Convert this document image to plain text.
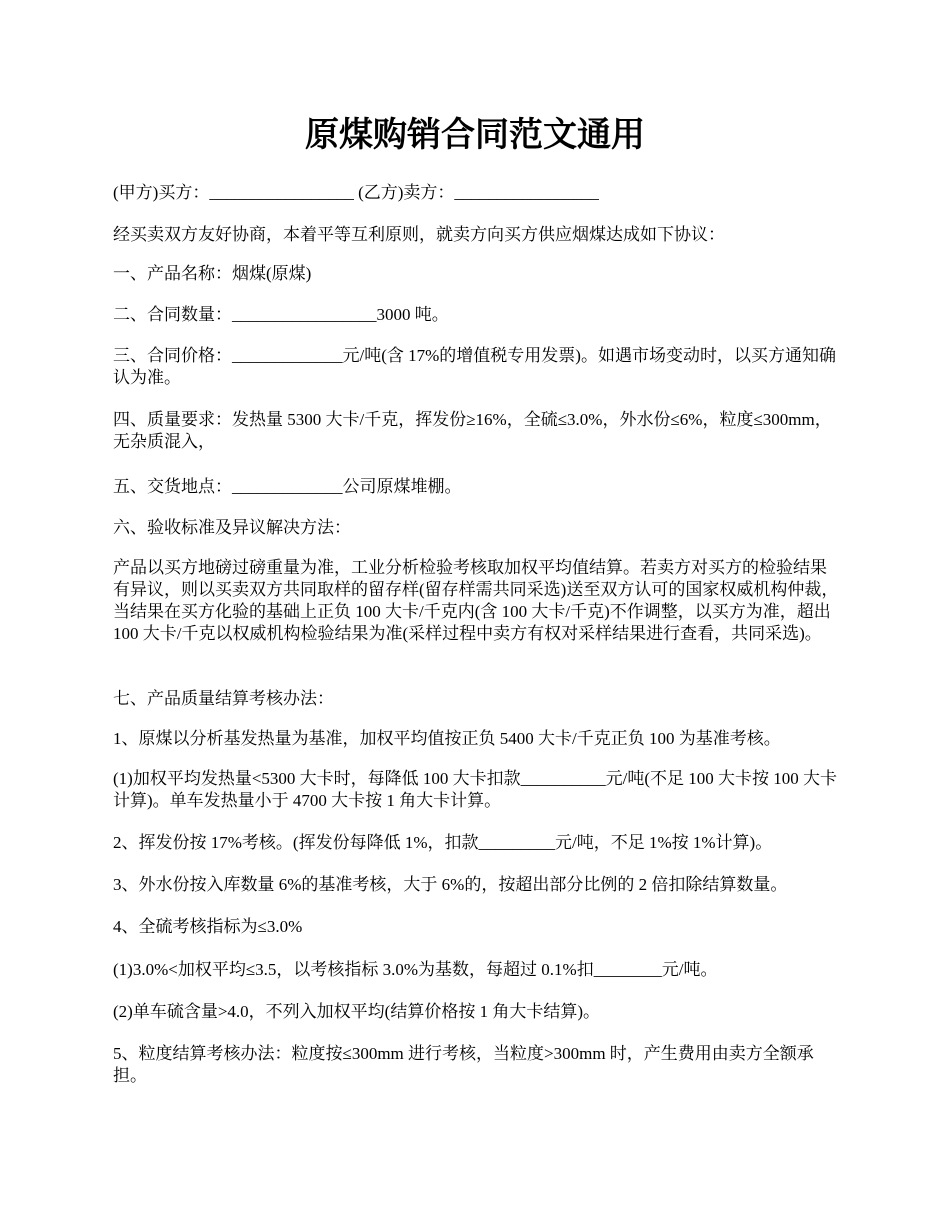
原煤购销合同范文通用

(甲方)买方：_________________ (乙方)卖方：_________________

经买卖双方友好协商，本着平等互利原则，就卖方向买方供应烟煤达成如下协议：

一、产品名称：烟煤(原煤)

二、合同数量：_________________3000 吨。

三、合同价格：_____________元/吨(含 17%的增值税专用发票)。如遇市场变动时，以买方通知确认为准。

四、质量要求：发热量 5300 大卡/千克，挥发份≥16%，全硫≤3.0%，外水份≤6%，粒度≤300mm，无杂质混入，

五、交货地点：_____________公司原煤堆棚。

六、验收标准及异议解决方法：

产品以买方地磅过磅重量为准，工业分析检验考核取加权平均值结算。若卖方对买方的检验结果有异议，则以买卖双方共同取样的留存样(留存样需共同采选)送至双方认可的国家权威机构仲裁，当结果在买方化验的基础上正负 100 大卡/千克内(含 100 大卡/千克)不作调整，以买方为准，超出 100 大卡/千克以权威机构检验结果为准(采样过程中卖方有权对采样结果进行查看，共同采选)。

七、产品质量结算考核办法：

1、原煤以分析基发热量为基准，加权平均值按正负 5400 大卡/千克正负 100 为基准考核。

(1)加权平均发热量<5300 大卡时，每降低 100 大卡扣款__________元/吨(不足 100 大卡按 100 大卡计算)。单车发热量小于 4700 大卡按 1 角大卡计算。

2、挥发份按 17%考核。(挥发份每降低 1%，扣款_________元/吨，不足 1%按 1%计算)。

3、外水份按入库数量 6%的基准考核，大于 6%的，按超出部分比例的 2 倍扣除结算数量。

4、全硫考核指标为≤3.0%

(1)3.0%<加权平均≤3.5，以考核指标 3.0%为基数，每超过 0.1%扣________元/吨。

(2)单车硫含量>4.0，不列入加权平均(结算价格按 1 角大卡结算)。

5、粒度结算考核办法：粒度按≤300mm 进行考核，当粒度>300mm 时，产生费用由卖方全额承担。
